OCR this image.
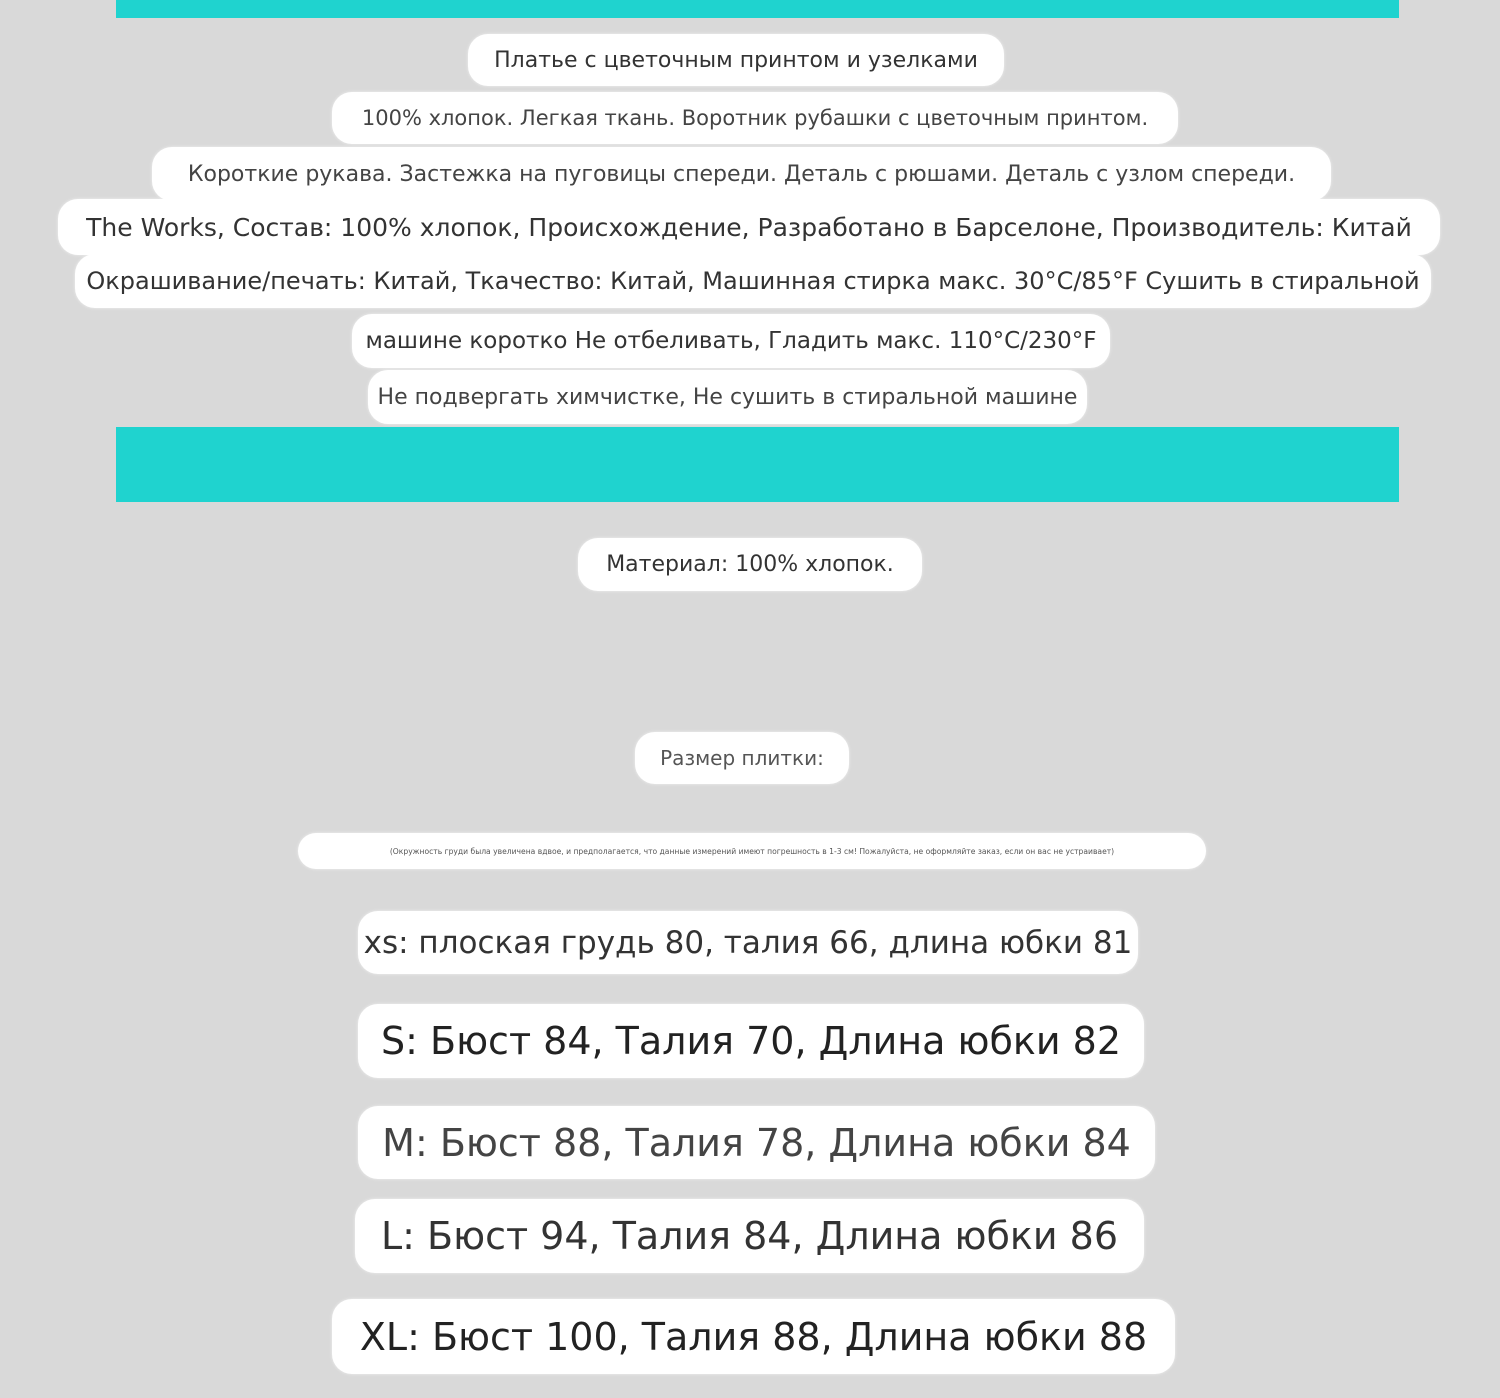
Платье с цветочным принтом и узелками
100% хлопок. Легкая ткань. Воротник рубашки с цветочным принтом.
Короткие рукава. Застежка на пуговицы спереди. Деталь с рюшами. Деталь с узлом спереди.
The Works, Состав: 100% хлопок, Происхождение, Разработано в Барселоне, Производитель: Китай
Окрашивание/печать: Китай, Ткачество: Китай, Машинная стирка макс. 30°C/85°F Сушить в стиральной
машине коротко Не отбеливать, Гладить макс. 110°C/230°F
Не подвергать химчистке, Не сушить в стиральной машине
Материал: 100% хлопок.
Размер плитки:
(Окружность груди была увеличена вдвое, и предполагается, что данные измерений имеют погрешность в 1-3 см! Пожалуйста, не оформляйте заказ, если он вас не устраивает)
xs: плоская грудь 80, талия 66, длина юбки 81
S: Бюст 84, Талия 70, Длина юбки 82
M: Бюст 88, Талия 78, Длина юбки 84
L: Бюст 94, Талия 84, Длина юбки 86
XL: Бюст 100, Талия 88, Длина юбки 88
